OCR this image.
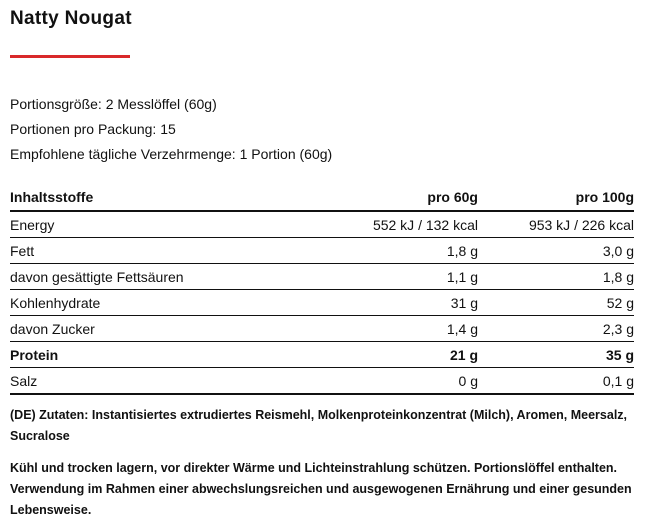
Natty Nougat
Portionsgröße: 2 Messlöffel (60g)
Portionen pro Packung: 15
Empfohlene tägliche Verzehrmenge: 1 Portion (60g)
Inhaltsstoffe	pro 60g	pro 100g
Energy	552 kJ / 132 kcal	953 kJ / 226 kcal
Fett	1,8 g	3,0 g
davon gesättigte Fettsäuren	1,1 g	1,8 g
Kohlenhydrate	31 g	52 g
davon Zucker	1,4 g	2,3 g
Protein	21 g	35 g
Salz	0 g	0,1 g
(DE) Zutaten: Instantisiertes extrudiertes Reismehl, Molkenproteinkonzentrat (Milch), Aromen, Meersalz, Sucralose
Kühl und trocken lagern, vor direkter Wärme und Lichteinstrahlung schützen. Portionslöffel enthalten. Verwendung im Rahmen einer abwechslungsreichen und ausgewogenen Ernährung und einer gesunden Lebensweise.
